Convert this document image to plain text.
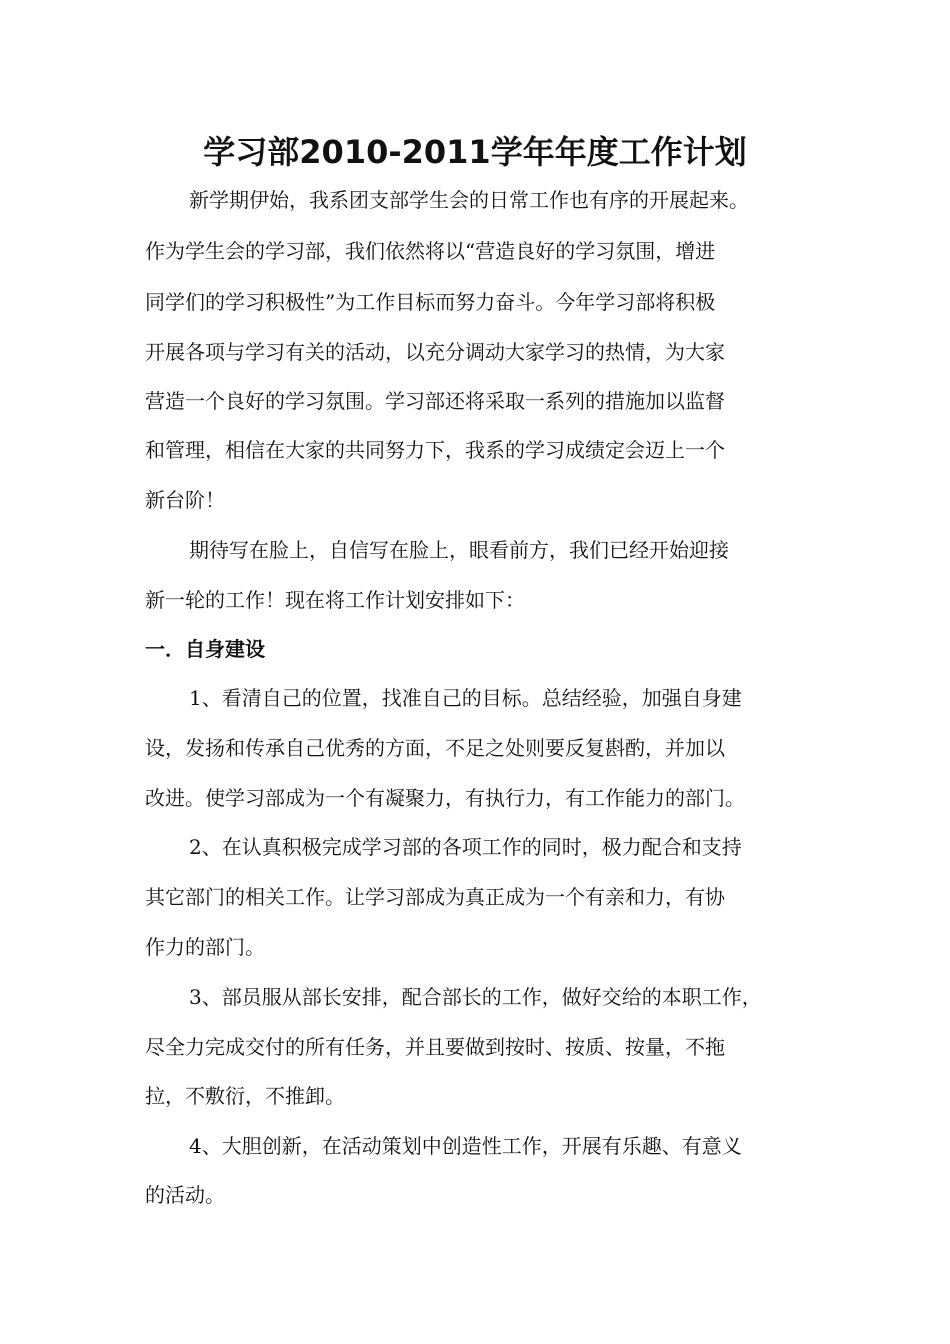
学习部2010-2011学年年度工作计划
新学期伊始，我系团支部学生会的日常工作也有序的开展起来。
作为学生会的学习部，我们依然将以“营造良好的学习氛围，增进
同学们的学习积极性”为工作目标而努力奋斗。今年学习部将积极
开展各项与学习有关的活动，以充分调动大家学习的热情，为大家
营造一个良好的学习氛围。学习部还将采取一系列的措施加以监督
和管理，相信在大家的共同努力下，我系的学习成绩定会迈上一个
新台阶！
期待写在脸上，自信写在脸上，眼看前方，我们已经开始迎接
新一轮的工作！现在将工作计划安排如下：
一．自身建设
1、看清自己的位置，找准自己的目标。总结经验，加强自身建
设，发扬和传承自己优秀的方面，不足之处则要反复斟酌，并加以
改进。使学习部成为一个有凝聚力，有执行力，有工作能力的部门。
2、在认真积极完成学习部的各项工作的同时，极力配合和支持
其它部门的相关工作。让学习部成为真正成为一个有亲和力，有协
作力的部门。
3、部员服从部长安排，配合部长的工作，做好交给的本职工作，
尽全力完成交付的所有任务，并且要做到按时、按质、按量，不拖
拉，不敷衍，不推卸。
4、大胆创新，在活动策划中创造性工作，开展有乐趣、有意义
的活动。
